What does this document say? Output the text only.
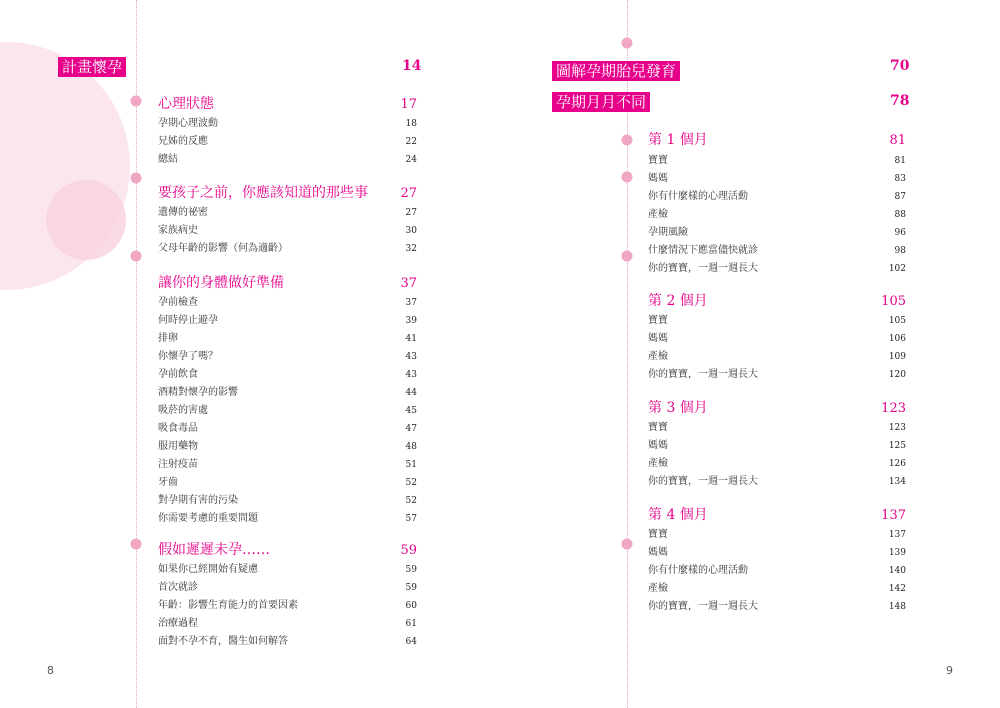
計畫懷孕	14
心理狀態	17
孕期心理波動	18
兄姊的反應	22
總結	24
要孩子之前，你應該知道的那些事 27
遺傳的祕密	27
家族病史	30
父母年齡的影響（何為適齡）	32
讓你的身體做好準備	37
孕前檢查	37
何時停止避孕	39
排卵	41
你懷孕了嗎？	43
孕前飲食	43
酒精對懷孕的影響	44
吸菸的害處	45
吸食毒品	47
服用藥物	48
注射疫苗	51
牙齒	52
對孕期有害的污染	52
你需要考慮的重要問題	57
假如遲遲未孕……	59
如果你已經開始有疑慮	59
首次就診	59
年齡：影響生育能力的首要因素	60
治療過程	61
面對不孕不育，醫生如何解答	64
8
圖解孕期胎兒發育	70
孕期月月不同	78
第 1 個月	81
寶寶	81
媽媽	83
你有什麼樣的心理活動	87
產檢	88
孕期風險	96
什麼情況下應當儘快就診	98
你的寶寶，一週一週長大	102
第 2 個月	105
寶寶	105
媽媽	106
產檢	109
你的寶寶，一週一週長大	120
第 3 個月	123
寶寶	123
媽媽	125
產檢	126
你的寶寶，一週一週長大	134
第 4 個月	137
寶寶	137
媽媽	139
你有什麼樣的心理活動	140
產檢	142
你的寶寶，一週一週長大	148
9
